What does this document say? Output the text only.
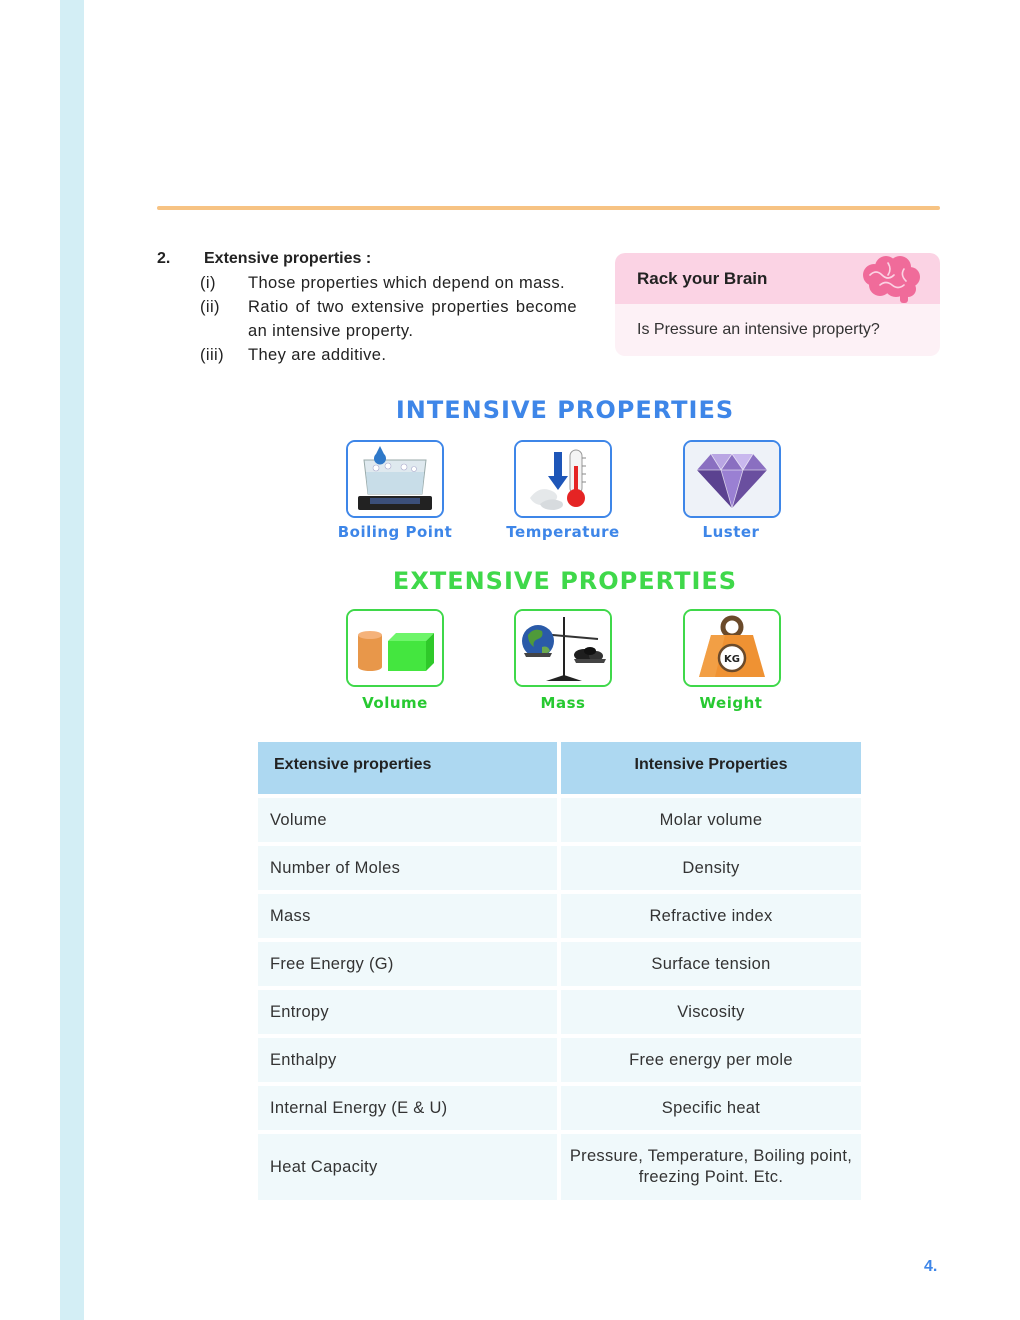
2.	Extensive properties :
(i)	Those properties which depend on mass.
(ii)	Ratio of two extensive properties become an intensive property.
(iii)	They are additive.
Rack your Brain
Is Pressure an intensive property?
INTENSIVE PROPERTIES
Boiling Point	Temperature	Luster
EXTENSIVE PROPERTIES
Volume	Mass
KG
Weight
Extensive properties	Intensive Properties
Volume	Molar volume
Number of Moles	Density
Mass	Refractive index
Free Energy (G)	Surface tension
Entropy	Viscosity
Enthalpy	Free energy per mole
Internal Energy (E & U)	Specific heat
Heat Capacity	Pressure, Temperature, Boiling point, freezing Point. Etc.
4.
